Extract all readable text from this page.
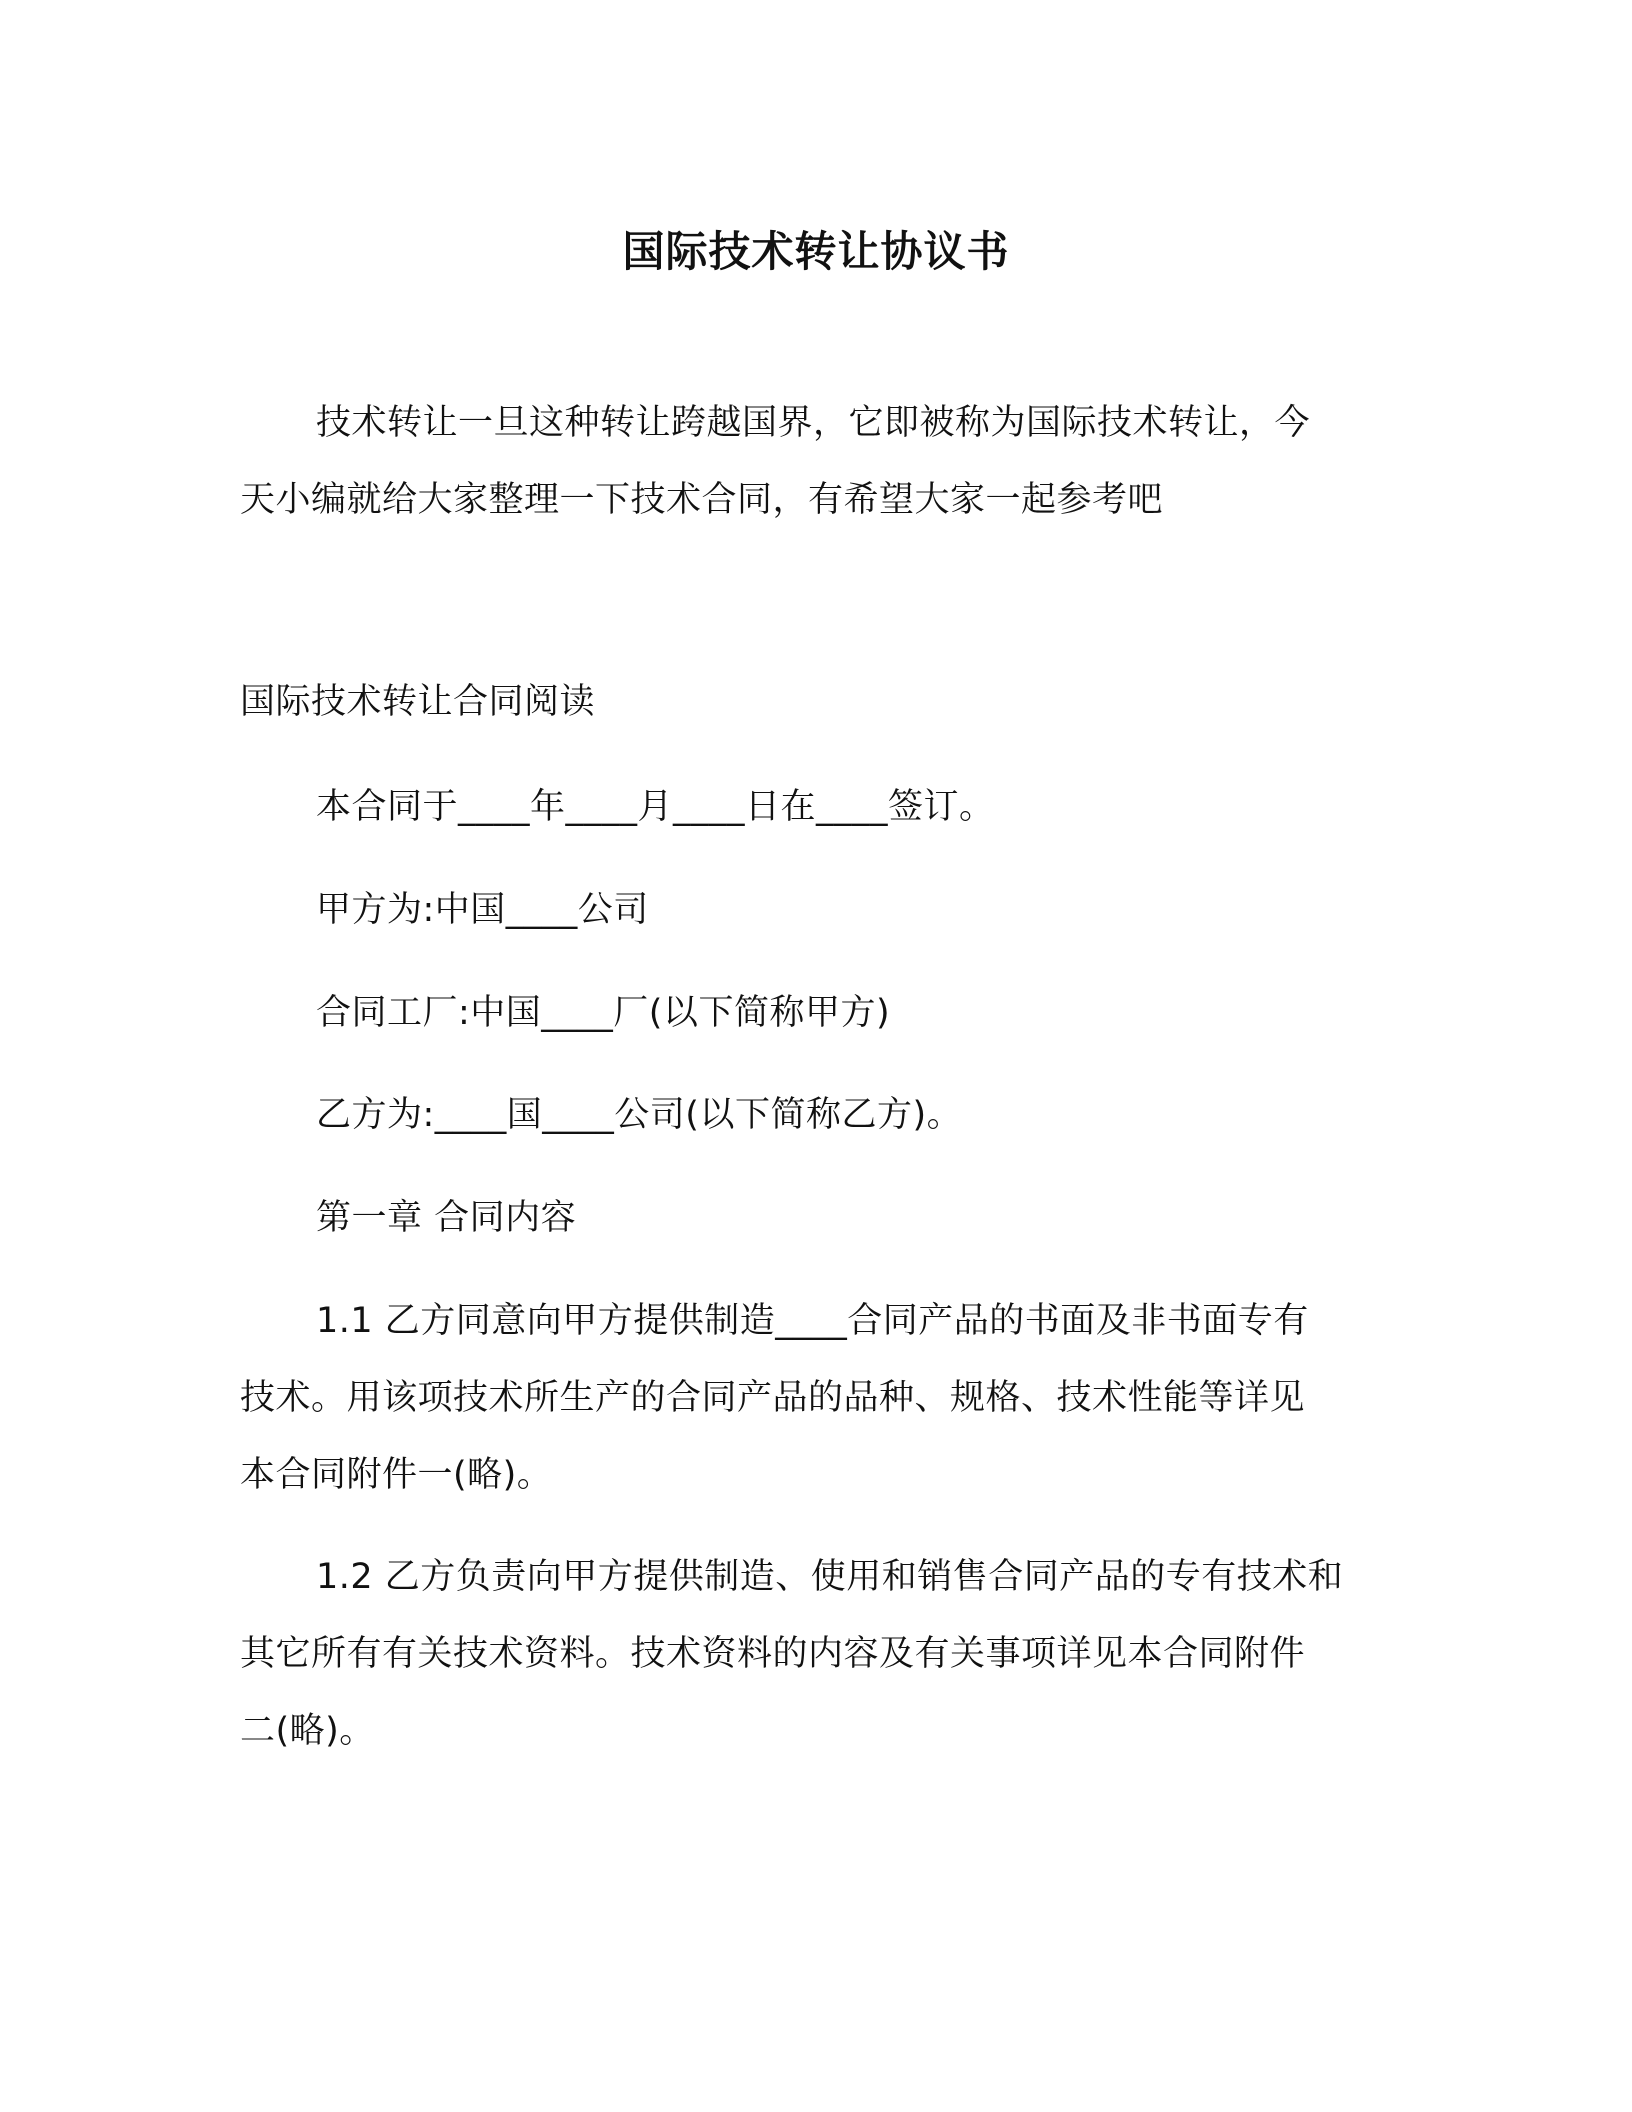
国际技术转让协议书
技术转让一旦这种转让跨越国界，它即被称为国际技术转让，今
天小编就给大家整理一下技术合同，有希望大家一起参考吧
国际技术转让合同阅读
本合同于____年____月____日在____签订。
甲方为:中国____公司
合同工厂:中国____厂(以下简称甲方)
乙方为:____国____公司(以下简称乙方)。
第一章 合同内容
1.1 乙方同意向甲方提供制造____合同产品的书面及非书面专有
技术。用该项技术所生产的合同产品的品种、规格、技术性能等详见
本合同附件一(略)。
1.2 乙方负责向甲方提供制造、使用和销售合同产品的专有技术和
其它所有有关技术资料。技术资料的内容及有关事项详见本合同附件
二(略)。
